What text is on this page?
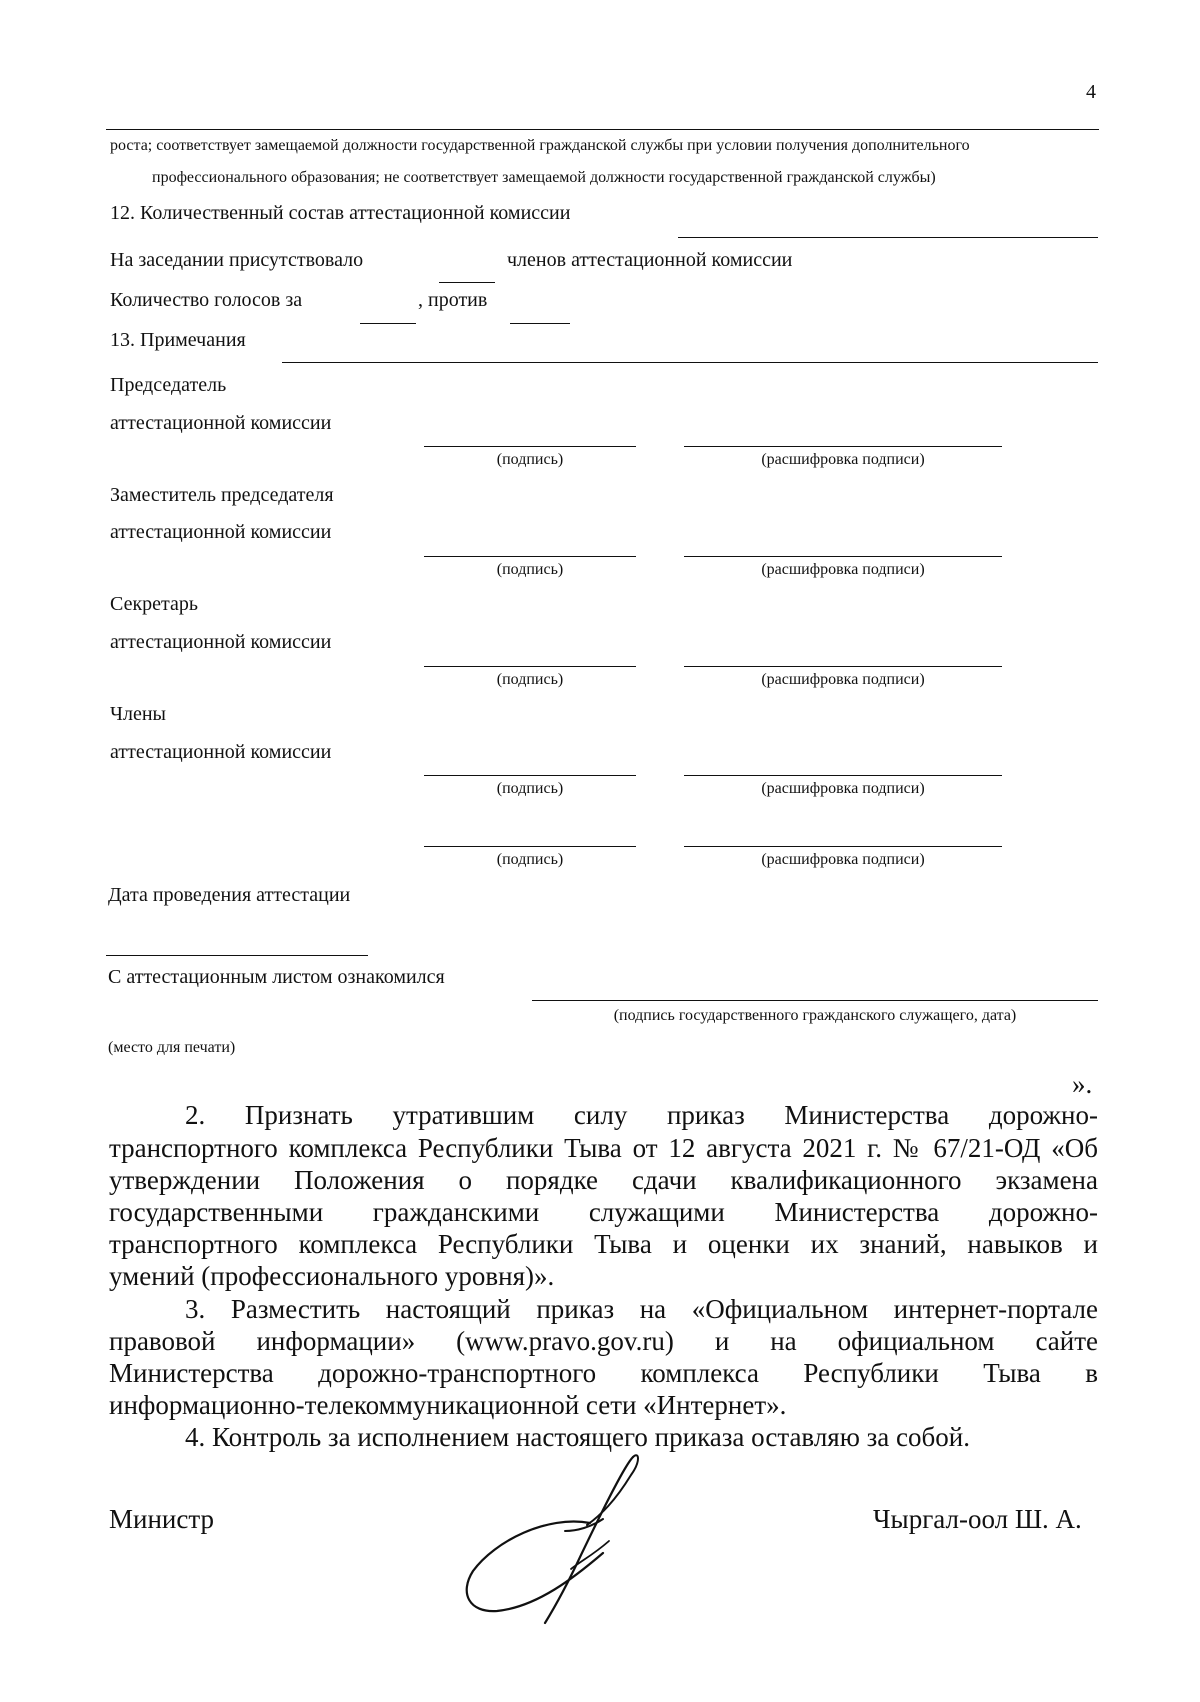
4
роста; соответствует замещаемой должности государственной гражданской службы при условии получения дополнительного
профессионального образования; не соответствует замещаемой должности государственной гражданской службы)
12. Количественный состав аттестационной комиссии
На заседании присутствовало	членов аттестационной комиссии
Количество голосов за	, против
13. Примечания
Председатель
аттестационной комиссии
(подпись)	(расшифровка подписи)
Заместитель председателя
аттестационной комиссии
(подпись)	(расшифровка подписи)
Секретарь
аттестационной комиссии
(подпись)	(расшифровка подписи)
Члены
аттестационной комиссии
(подпись)	(расшифровка подписи)
(подпись)	(расшифровка подписи)
Дата проведения аттестации
С аттестационным листом ознакомился
(подпись государственного гражданского служащего, дата)
(место для печати)
».
2. Признать утратившим силу приказ Министерства дорожно-
транспортного комплекса Республики Тыва от 12 августа 2021 г. № 67/21-ОД «Об
утверждении Положения о порядке сдачи квалификационного экзамена
государственными гражданскими служащими Министерства дорожно-
транспортного комплекса Республики Тыва и оценки их знаний, навыков и
умений (профессионального уровня)».
3. Разместить настоящий приказ на «Официальном интернет-портале
правовой информации» (www.pravo.gov.ru) и на официальном сайте
Министерства дорожно-транспортного комплекса Республики Тыва в
информационно-телекоммуникационной сети «Интернет».
4. Контроль за исполнением настоящего приказа оставляю за собой.
Министр	Чыргал-оол Ш. А.
